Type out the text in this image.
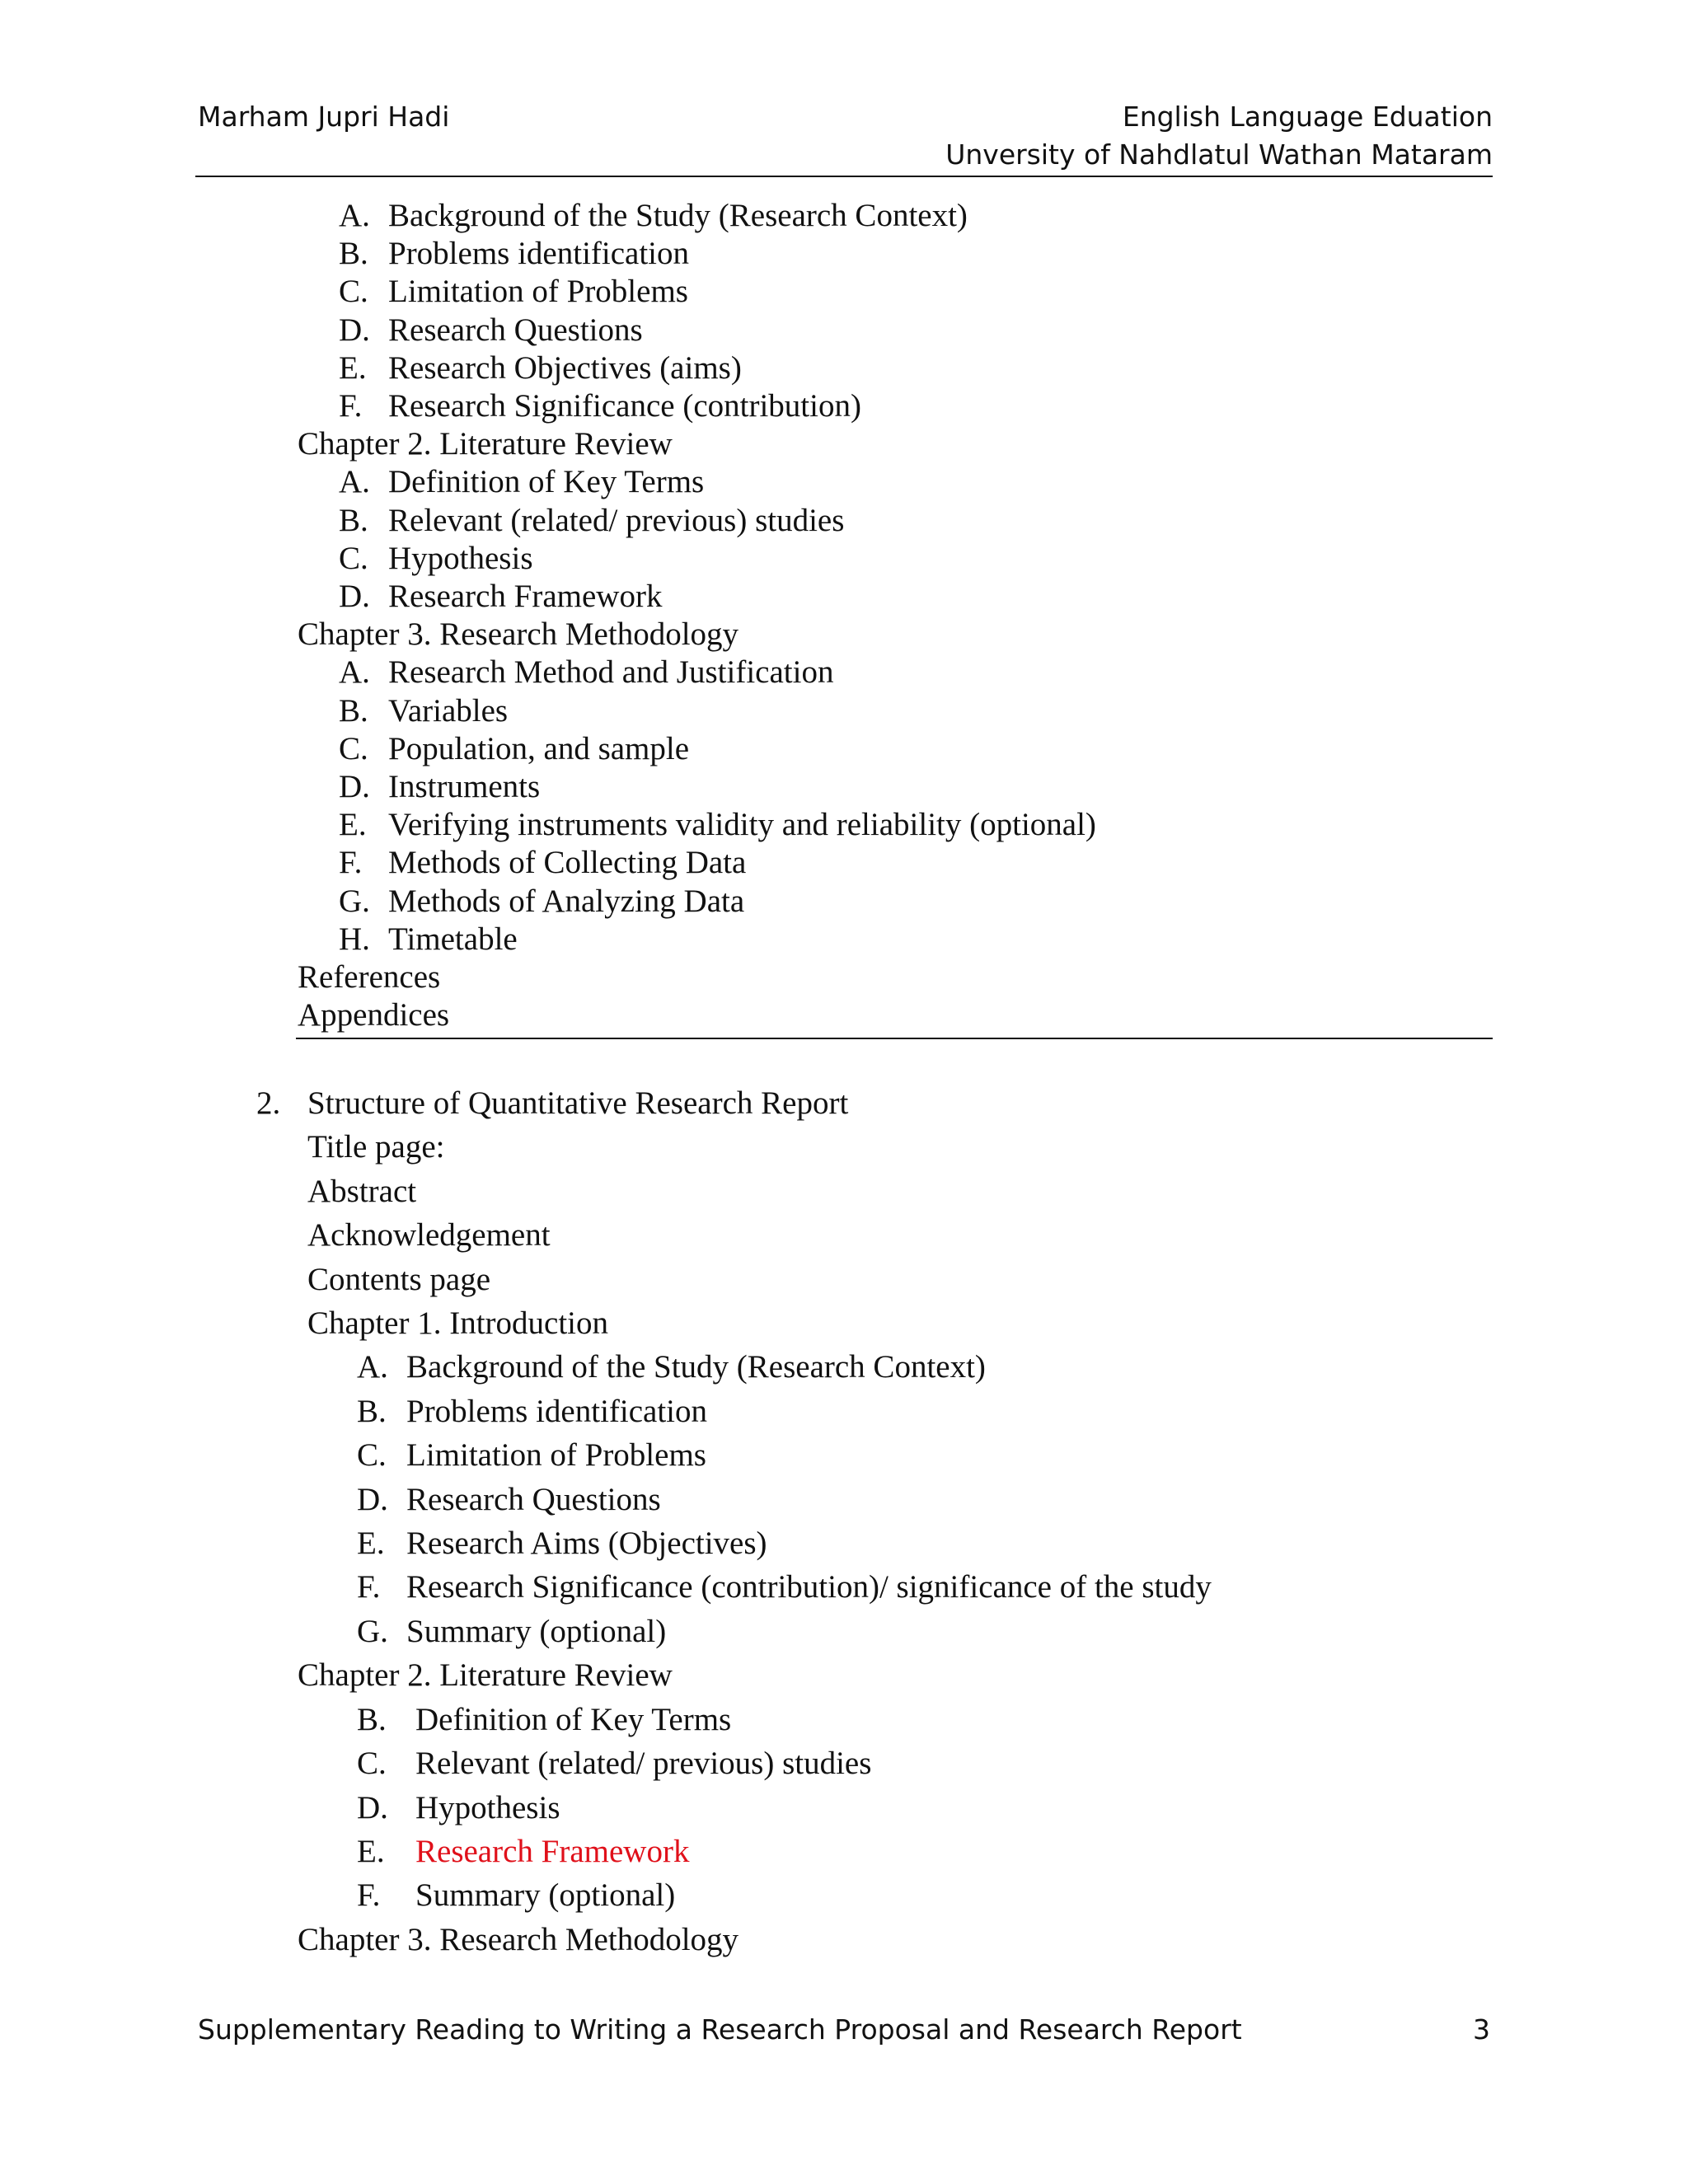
Marham Jupri Hadi	English Language Eduation
Unversity of Nahdlatul Wathan Mataram
A. Background of the Study (Research Context)
B. Problems identification
C. Limitation of Problems
D. Research Questions
E. Research Objectives (aims)
F. Research Significance (contribution)
Chapter 2. Literature Review
A. Definition of Key Terms
B. Relevant (related/ previous) studies
C. Hypothesis
D. Research Framework
Chapter 3. Research Methodology
A. Research Method and Justification
B. Variables
C. Population, and sample
D. Instruments
E. Verifying instruments validity and reliability (optional)
F. Methods of Collecting Data
G. Methods of Analyzing Data
H. Timetable
References
Appendices
2. Structure of Quantitative Research Report
Title page:
Abstract
Acknowledgement
Contents page
Chapter 1. Introduction
A. Background of the Study (Research Context)
B. Problems identification
C. Limitation of Problems
D. Research Questions
E. Research Aims (Objectives)
F. Research Significance (contribution)/ significance of the study
G. Summary (optional)
Chapter 2. Literature Review
B. Definition of Key Terms
C. Relevant (related/ previous) studies
D. Hypothesis
E. Research Framework
F. Summary (optional)
Chapter 3. Research Methodology
Supplementary Reading to Writing a Research Proposal and Research Report	3
